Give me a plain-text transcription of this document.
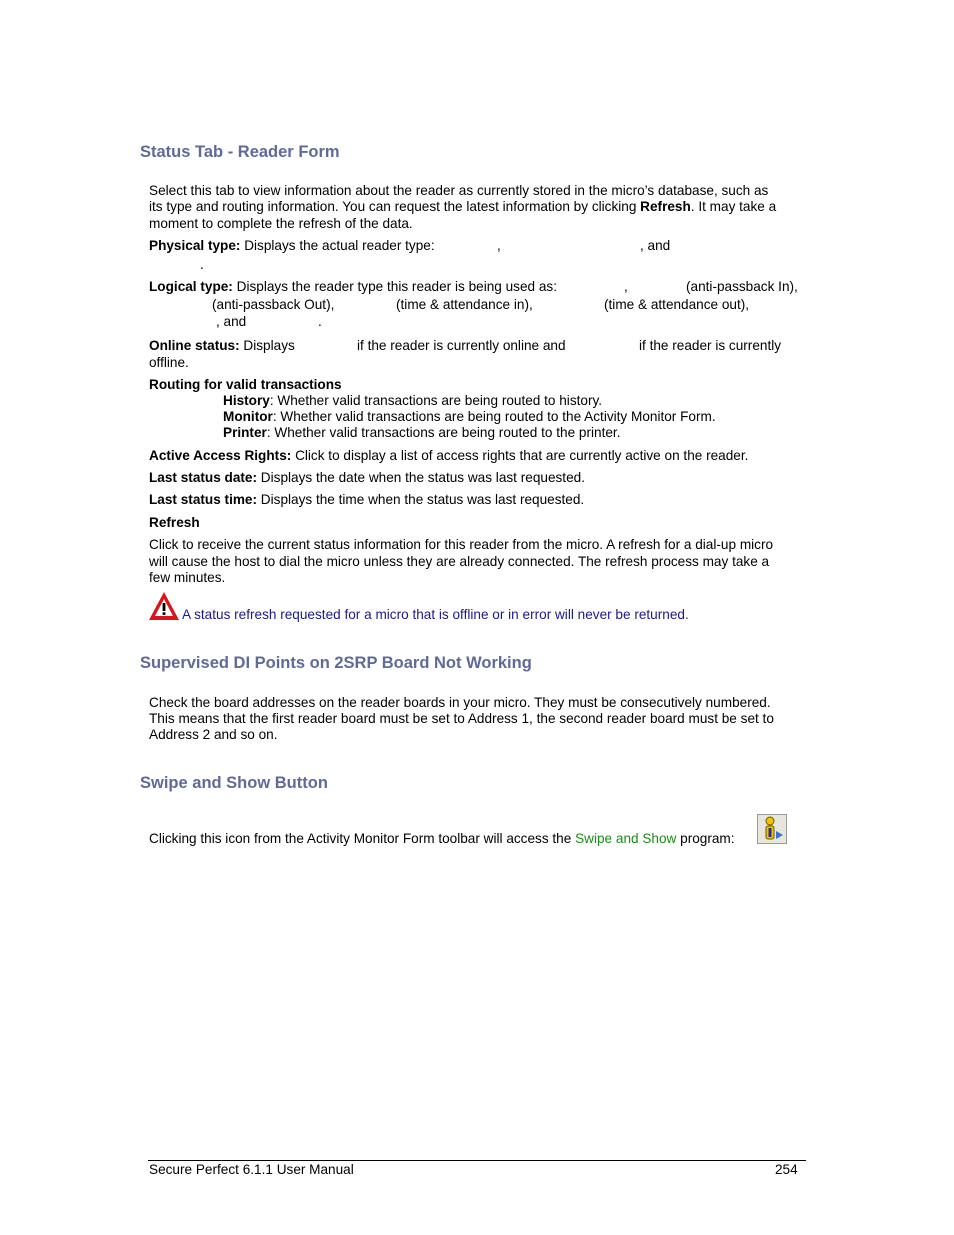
Status Tab - Reader Form
Select this tab to view information about the reader as currently stored in the micro’s database, such as
its type and routing information. You can request the latest information by clicking Refresh. It may take a
moment to complete the refresh of the data.
Physical type: Displays the actual reader type:	,	, and
.
Logical type: Displays the reader type this reader is being used as:	,	(anti-passback In),
(anti-passback Out),	(time & attendance in),	(time & attendance out),
, and	.
Online status: Displays	if the reader is currently online and	if the reader is currently
offline.
Routing for valid transactions
History: Whether valid transactions are being routed to history.
Monitor: Whether valid transactions are being routed to the Activity Monitor Form.
Printer: Whether valid transactions are being routed to the printer.
Active Access Rights: Click to display a list of access rights that are currently active on the reader.
Last status date: Displays the date when the status was last requested.
Last status time: Displays the time when the status was last requested.
Refresh
Click to receive the current status information for this reader from the micro. A refresh for a dial-up micro
will cause the host to dial the micro unless they are already connected. The refresh process may take a
few minutes.
A status refresh requested for a micro that is offline or in error will never be returned.
Supervised DI Points on 2SRP Board Not Working
Check the board addresses on the reader boards in your micro. They must be consecutively numbered.
This means that the first reader board must be set to Address 1, the second reader board must be set to
Address 2 and so on.
Swipe and Show Button
Clicking this icon from the Activity Monitor Form toolbar will access the Swipe and Show program:
Secure Perfect 6.1.1 User Manual	254
